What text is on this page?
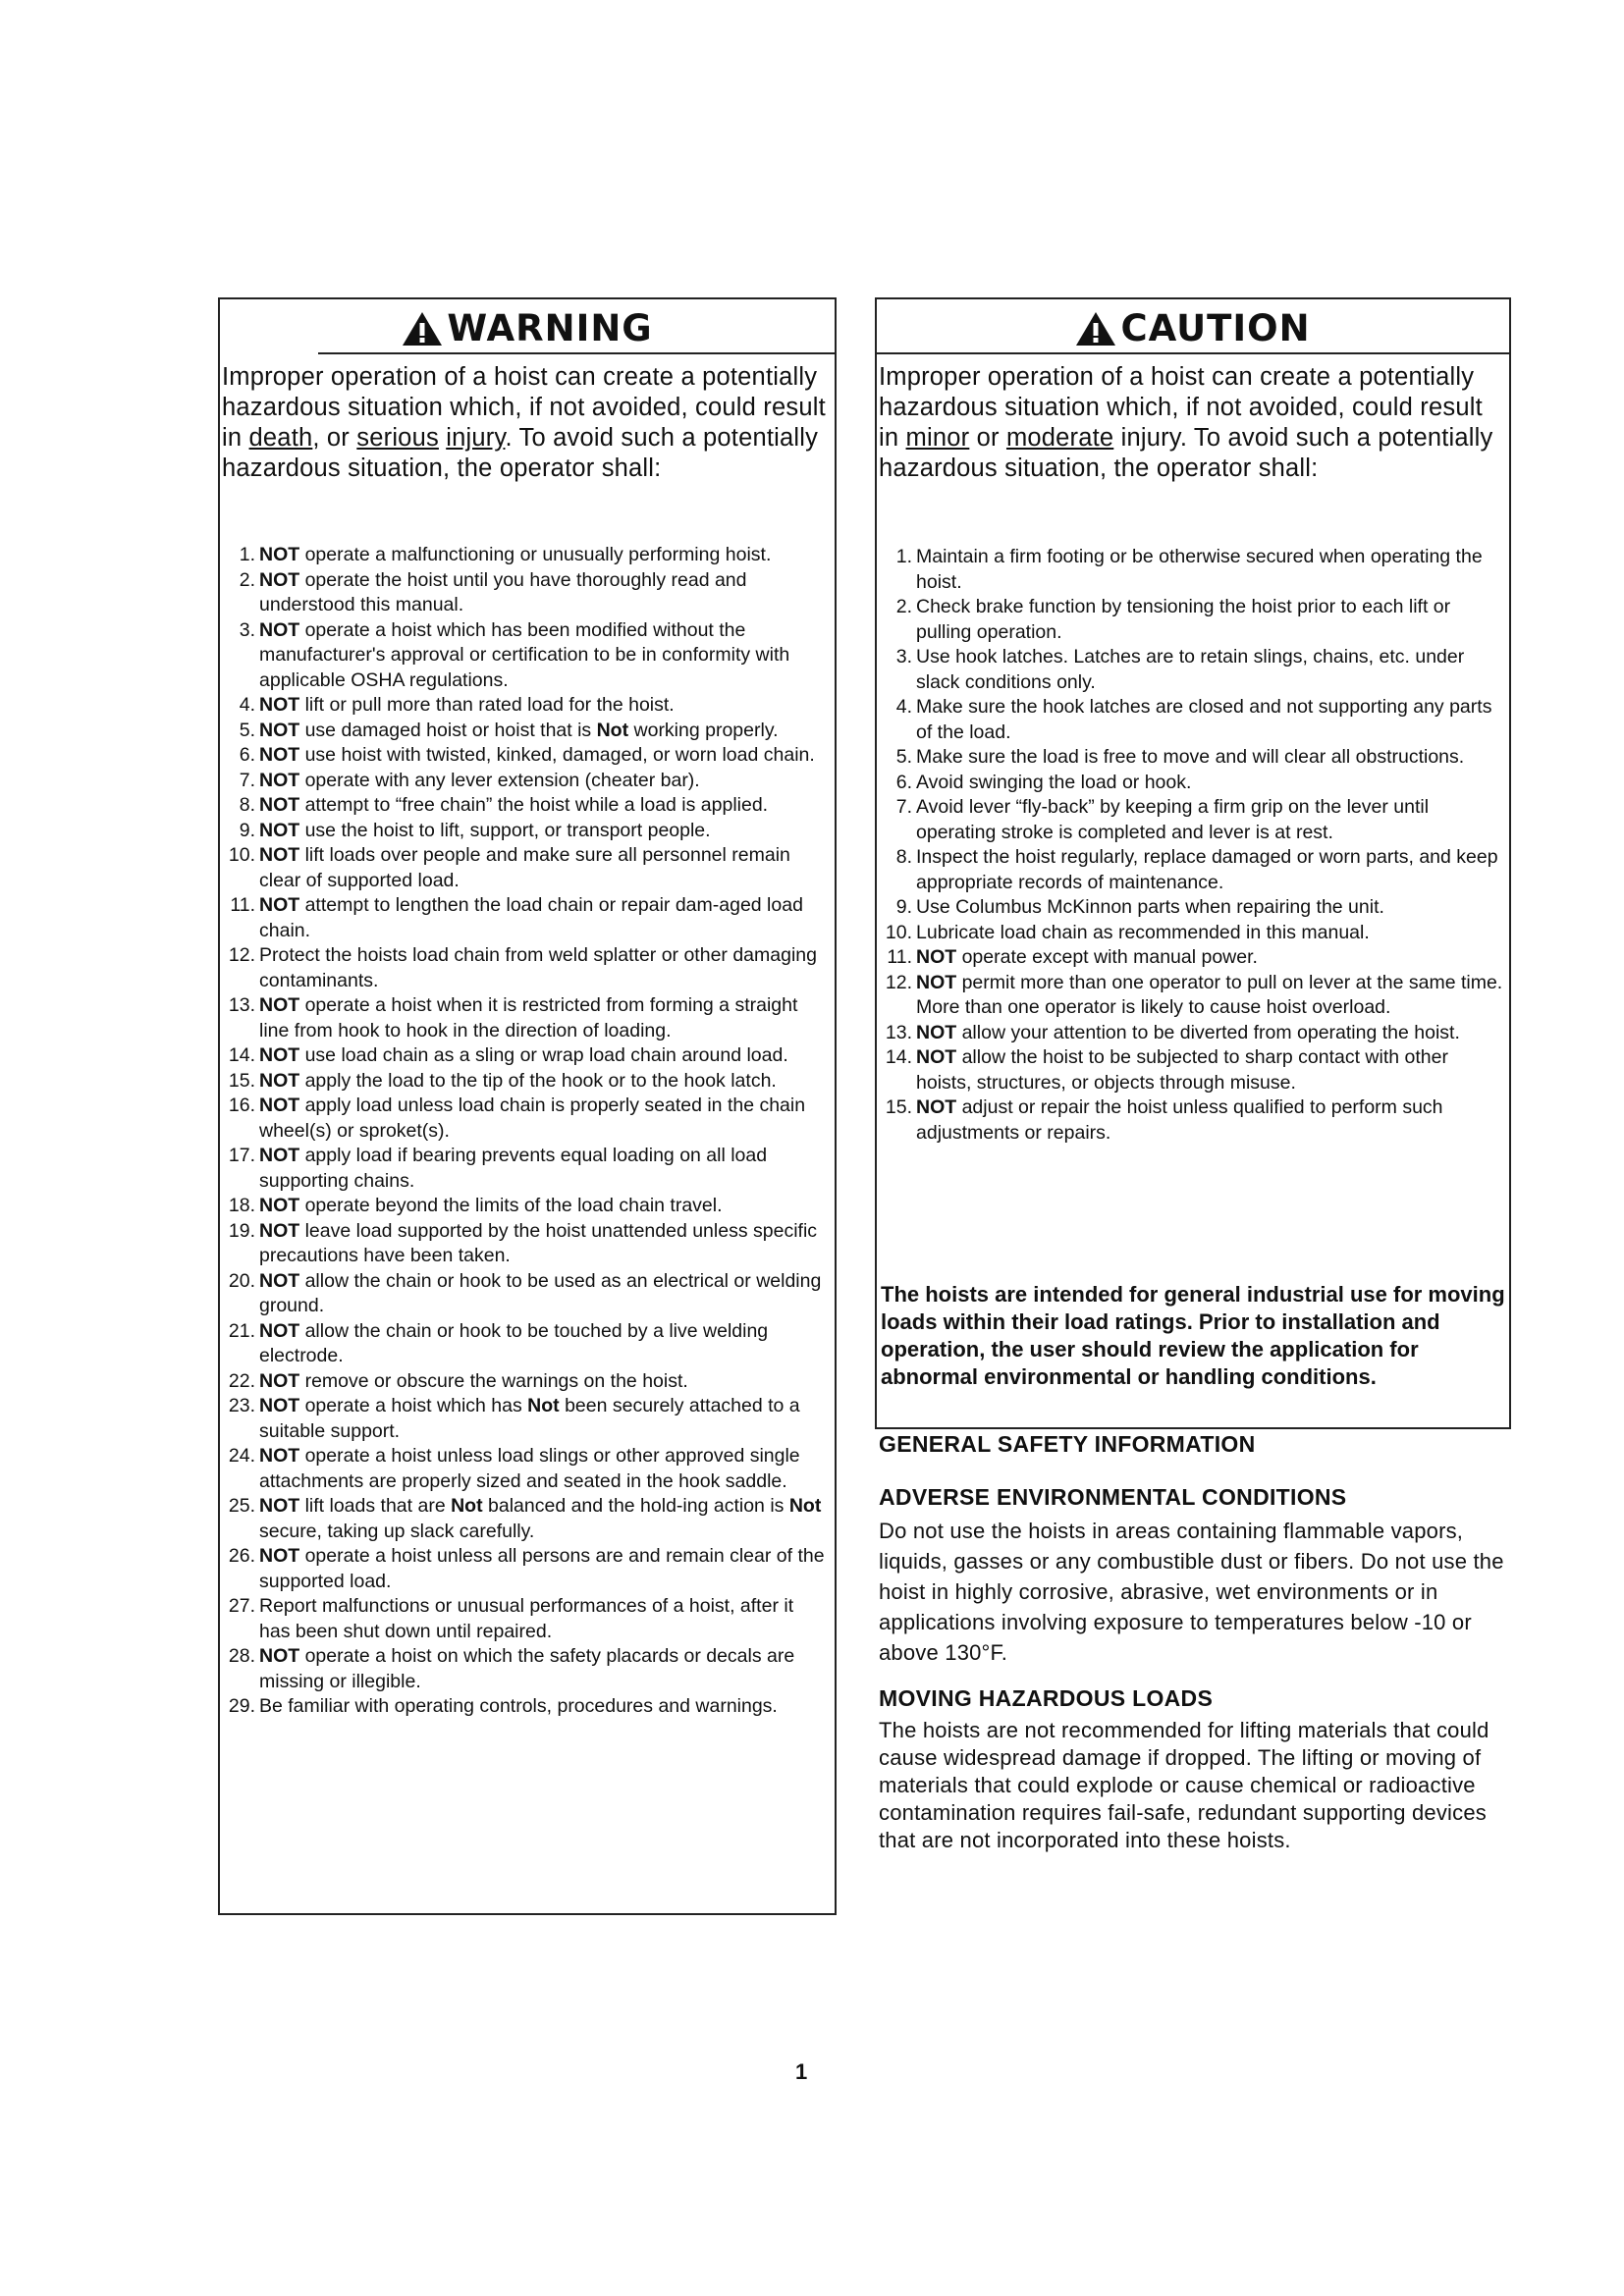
WARNING

Improper operation of a hoist can create a potentially hazardous situation which, if not avoided, could result in death, or serious injury. To avoid such a potentially hazardous situation, the operator shall:

1. NOT operate a malfunctioning or unusually performing hoist.
2. NOT operate the hoist until you have thoroughly read and understood this manual.
3. NOT operate a hoist which has been modified without the manufacturer's approval or certification to be in conformity with applicable OSHA regulations.
4. NOT lift or pull more than rated load for the hoist.
5. NOT use damaged hoist or hoist that is Not working properly.
6. NOT use hoist with twisted, kinked, damaged, or worn load chain.
7. NOT operate with any lever extension (cheater bar).
8. NOT attempt to “free chain” the hoist while a load is applied.
9. NOT use the hoist to lift, support, or transport people.
10. NOT lift loads over people and make sure all personnel remain clear of supported load.
11. NOT attempt to lengthen the load chain or repair dam-aged load chain.
12. Protect the hoists load chain from weld splatter or other damaging contaminants.
13. NOT operate a hoist when it is restricted from forming a straight line from hook to hook in the direction of loading.
14. NOT use load chain as a sling or wrap load chain around load.
15. NOT apply the load to the tip of the hook or to the hook latch.
16. NOT apply load unless load chain is properly seated in the chain wheel(s) or sproket(s).
17. NOT apply load if bearing prevents equal loading on all load supporting chains.
18. NOT operate beyond the limits of the load chain travel.
19. NOT leave load supported by the hoist unattended unless specific precautions have been taken.
20. NOT allow the chain or hook to be used as an electrical or welding ground.
21. NOT allow the chain or hook to be touched by a live welding electrode.
22. NOT remove or obscure the warnings on the hoist.
23. NOT operate a hoist which has Not been securely attached to a suitable support.
24. NOT operate a hoist unless load slings or other approved single attachments are properly sized and seated in the hook saddle.
25. NOT lift loads that are Not balanced and the hold-ing action is Not secure, taking up slack carefully.
26. NOT operate a hoist unless all persons are and remain clear of the supported load.
27. Report malfunctions or unusual performances of a hoist, after it has been shut down until repaired.
28. NOT operate a hoist on which the safety placards or decals are missing or illegible.
29. Be familiar with operating controls, procedures and warnings.
CAUTION

Improper operation of a hoist can create a potentially hazardous situation which, if not avoided, could result in minor or moderate injury. To avoid such a potentially hazardous situation, the operator shall:

1. Maintain a firm footing or be otherwise secured when operating the hoist.
2. Check brake function by tensioning the hoist prior to each lift or pulling operation.
3. Use hook latches. Latches are to retain slings, chains, etc. under slack conditions only.
4. Make sure the hook latches are closed and not supporting any parts of the load.
5. Make sure the load is free to move and will clear all obstructions.
6. Avoid swinging the load or hook.
7. Avoid lever “fly-back” by keeping a firm grip on the lever until operating stroke is completed and lever is at rest.
8. Inspect the hoist regularly, replace damaged or worn parts, and keep appropriate records of maintenance.
9. Use Columbus McKinnon parts when repairing the unit.
10. Lubricate load chain as recommended in this manual.
11. NOT operate except with manual power.
12. NOT permit more than one operator to pull on lever at the same time. More than one operator is likely to cause hoist overload.
13. NOT allow your attention to be diverted from operating the hoist.
14. NOT allow the hoist to be subjected to sharp contact with other hoists, structures, or objects through misuse.
15. NOT adjust or repair the hoist unless qualified to perform such adjustments or repairs.

The hoists are intended for general industrial use for moving loads within their load ratings. Prior to installation and operation, the user should review the application for abnormal environmental or handling conditions.

GENERAL SAFETY INFORMATION
ADVERSE ENVIRONMENTAL CONDITIONS

Do not use the hoists in areas containing flammable vapors, liquids, gasses or any combustible dust or fibers. Do not use the hoist in highly corrosive, abrasive, wet environments or in applications involving exposure to temperatures below -10 or above 130°F.

MOVING HAZARDOUS LOADS

The hoists are not recommended for lifting materials that could cause widespread damage if dropped. The lifting or moving of materials that could explode or cause chemical or radioactive contamination requires fail-safe, redundant supporting devices that are not incorporated into these hoists.

1
